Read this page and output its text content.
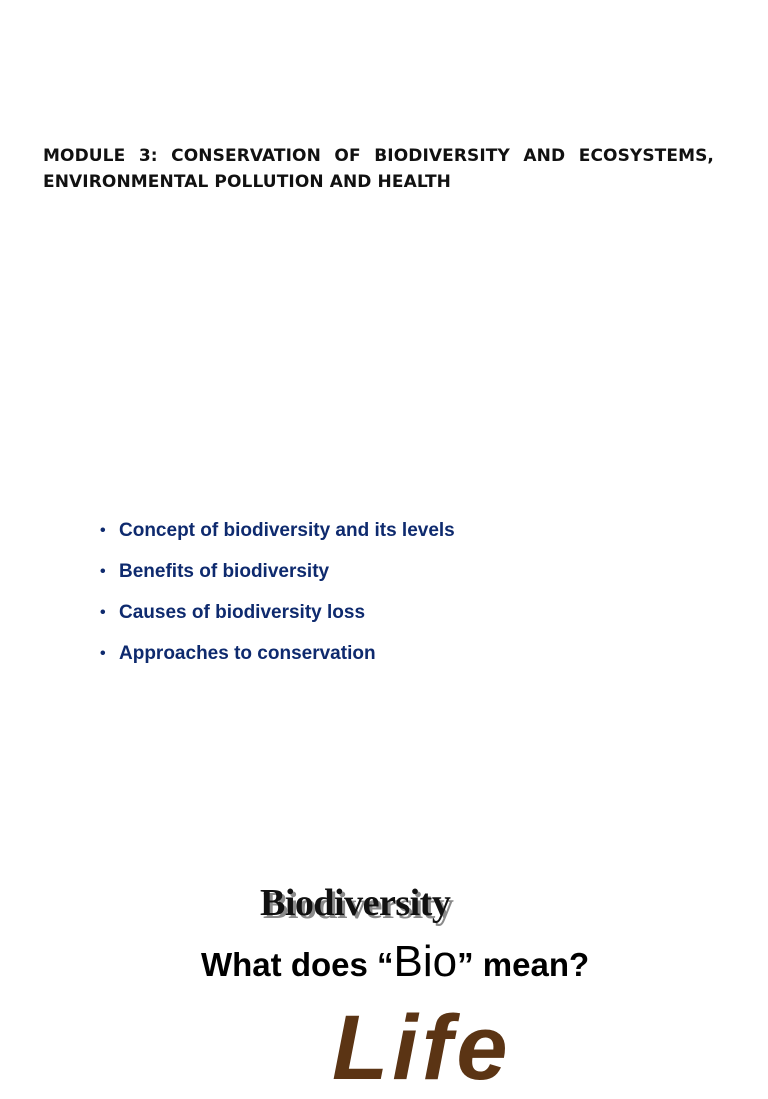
MODULE 3: CONSERVATION OF BIODIVERSITY AND ECOSYSTEMS, ENVIRONMENTAL POLLUTION AND HEALTH

• Concept of biodiversity and its levels
• Benefits of biodiversity
• Causes of biodiversity loss
• Approaches to conservation
Biodiversity

What does “Bio” mean?

Life
